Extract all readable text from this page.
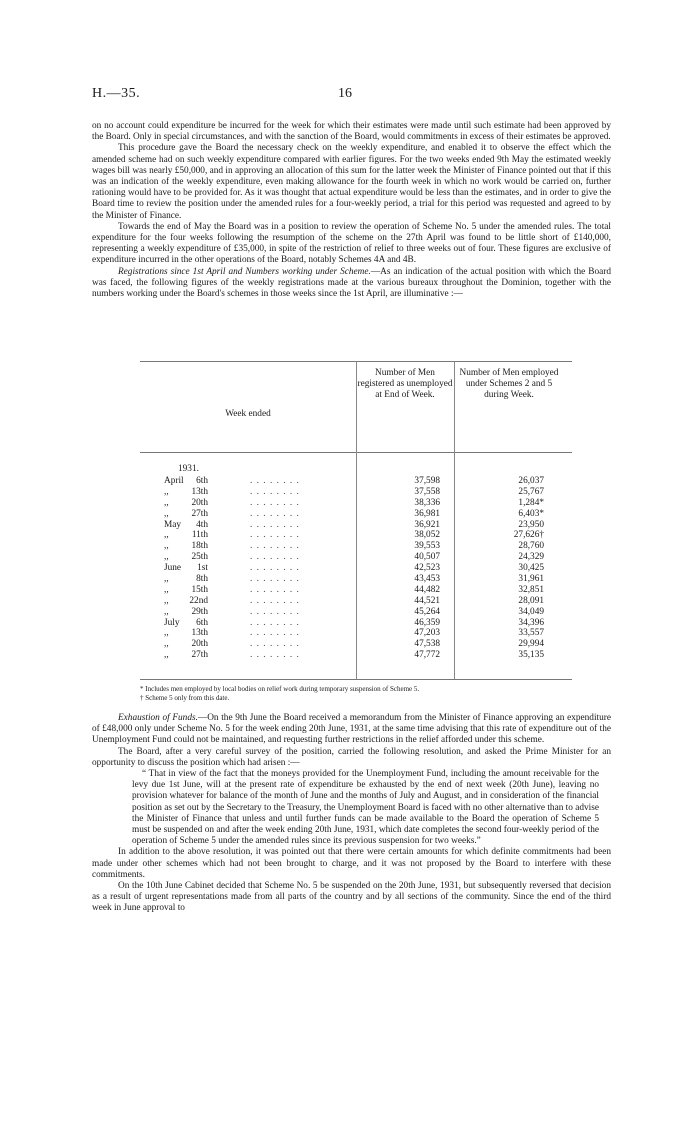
H.—35.	16

on no account could expenditure be incurred for the week for which their estimates were made until such estimate had been approved by the Board. Only in special circumstances, and with the sanction of the Board, would commitments in excess of their estimates be approved.

This procedure gave the Board the necessary check on the weekly expenditure, and enabled it to observe the effect which the amended scheme had on such weekly expenditure compared with earlier figures. For the two weeks ended 9th May the estimated weekly wages bill was nearly £50,000, and in approving an allocation of this sum for the latter week the Minister of Finance pointed out that if this was an indication of the weekly expenditure, even making allowance for the fourth week in which no work would be carried on, further rationing would have to be provided for. As it was thought that actual expenditure would be less than the estimates, and in order to give the Board time to review the position under the amended rules for a four-weekly period, a trial for this period was requested and agreed to by the Minister of Finance.

Towards the end of May the Board was in a position to review the operation of Scheme No. 5 under the amended rules. The total expenditure for the four weeks following the resumption of the scheme on the 27th April was found to be little short of £140,000, representing a weekly expenditure of £35,000, in spite of the restriction of relief to three weeks out of four. These figures are exclusive of expenditure incurred in the other operations of the Board, notably Schemes 4A and 4B.

Registrations since 1st April and Numbers working under Scheme.—As an indication of the actual position with which the Board was faced, the following figures of the weekly registrations made at the various bureaux throughout the Dominion, together with the numbers working under the Board's schemes in those weeks since the 1st April, are illuminative :—

Week ended
Number of Men registered as unemployed at End of Week.
Number of Men employed under Schemes 2 and 5 during Week.
1931.
April	6th	. . . . . . . .	37,598	26,037
,,	13th	. . . . . . . .	37,558	25,767
,,	20th	. . . . . . . .	38,336	1,284*
,,	27th	. . . . . . . .	36,981	6,403*
May	4th	. . . . . . . .	36,921	23,950
,,	11th	. . . . . . . .	38,052	27,626†
,,	18th	. . . . . . . .	39,553	28,760
,,	25th	. . . . . . . .	40,507	24,329
June	1st	. . . . . . . .	42,523	30,425
,,	8th	. . . . . . . .	43,453	31,961
,,	15th	. . . . . . . .	44,482	32,851
,,	22nd	. . . . . . . .	44,521	28,091
,,	29th	. . . . . . . .	45,264	34,049
July	6th	. . . . . . . .	46,359	34,396
,,	13th	. . . . . . . .	47,203	33,557
,,	20th	. . . . . . . .	47,538	29,994
,,	27th	. . . . . . . .	47,772	35,135
* Includes men employed by local bodies on relief work during temporary suspension of Scheme 5.
† Scheme 5 only from this date.

Exhaustion of Funds.—On the 9th June the Board received a memorandum from the Minister of Finance approving an expenditure of £48,000 only under Scheme No. 5 for the week ending 20th June, 1931, at the same time advising that this rate of expenditure out of the Unemployment Fund could not be maintained, and requesting further restrictions in the relief afforded under this scheme.

The Board, after a very careful survey of the position, carried the following resolution, and asked the Prime Minister for an opportunity to discuss the position which had arisen :—

“ That in view of the fact that the moneys provided for the Unemployment Fund, including the amount receivable for the levy due 1st June, will at the present rate of expenditure be exhausted by the end of next week (20th June), leaving no provision whatever for balance of the month of June and the months of July and August, and in consideration of the financial position as set out by the Secretary to the Treasury, the Unemployment Board is faced with no other alternative than to advise the Minister of Finance that unless and until further funds can be made available to the Board the operation of Scheme 5 must be suspended on and after the week ending 20th June, 1931, which date completes the second four-weekly period of the operation of Scheme 5 under the amended rules since its previous suspension for two weeks.”

In addition to the above resolution, it was pointed out that there were certain amounts for which definite commitments had been made under other schemes which had not been brought to charge, and it was not proposed by the Board to interfere with these commitments.

On the 10th June Cabinet decided that Scheme No. 5 be suspended on the 20th June, 1931, but subsequently reversed that decision as a result of urgent representations made from all parts of the country and by all sections of the community. Since the end of the third week in June approval to
